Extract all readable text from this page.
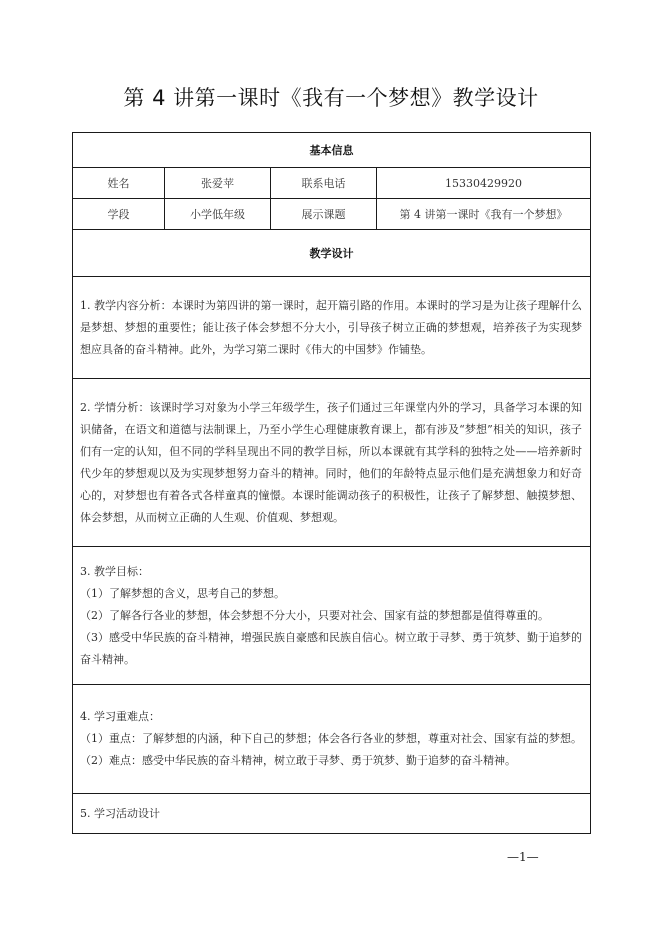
第 4 讲第一课时《我有一个梦想》教学设计
基本信息			
姓名	张爱苹	联系电话	15330429920
学段	小学低年级	展示课题	第 4 讲第一课时《我有一个梦想》
教学设计			

1. 教学内容分析：本课时为第四讲的第一课时，起开篇引路的作用。本课时的学习是为让孩子理解什么是梦想、梦想的重要性；能让孩子体会梦想不分大小，引导孩子树立正确的梦想观，培养孩子为实现梦想应具备的奋斗精神。此外，为学习第二课时《伟大的中国梦》作铺垫。			

2. 学情分析：该课时学习对象为小学三年级学生，孩子们通过三年课堂内外的学习，具备学习本课的知识储备，在语文和道德与法制课上，乃至小学生心理健康教育课上，都有涉及“梦想”相关的知识，孩子们有一定的认知，但不同的学科呈现出不同的教学目标，所以本课就有其学科的独特之处——培养新时代少年的梦想观以及为实现梦想努力奋斗的精神。同时，他们的年龄特点显示他们是充满想象力和好奇心的，对梦想也有着各式各样童真的憧憬。本课时能调动孩子的积极性，让孩子了解梦想、触摸梦想、体会梦想，从而树立正确的人生观、价值观、梦想观。			

3. 教学目标：

（1）了解梦想的含义，思考自己的梦想。

（2）了解各行各业的梦想，体会梦想不分大小，只要对社会、国家有益的梦想都是值得尊重的。

（3）感受中华民族的奋斗精神，增强民族自豪感和民族自信心。树立敢于寻梦、勇于筑梦、勤于追梦的奋斗精神。			

4. 学习重难点：

（1）重点：了解梦想的内涵，种下自己的梦想；体会各行各业的梦想，尊重对社会、国家有益的梦想。

（2）难点：感受中华民族的奋斗精神，树立敢于寻梦、勇于筑梦、勤于追梦的奋斗精神。			

5. 学习活动设计			

—1—
